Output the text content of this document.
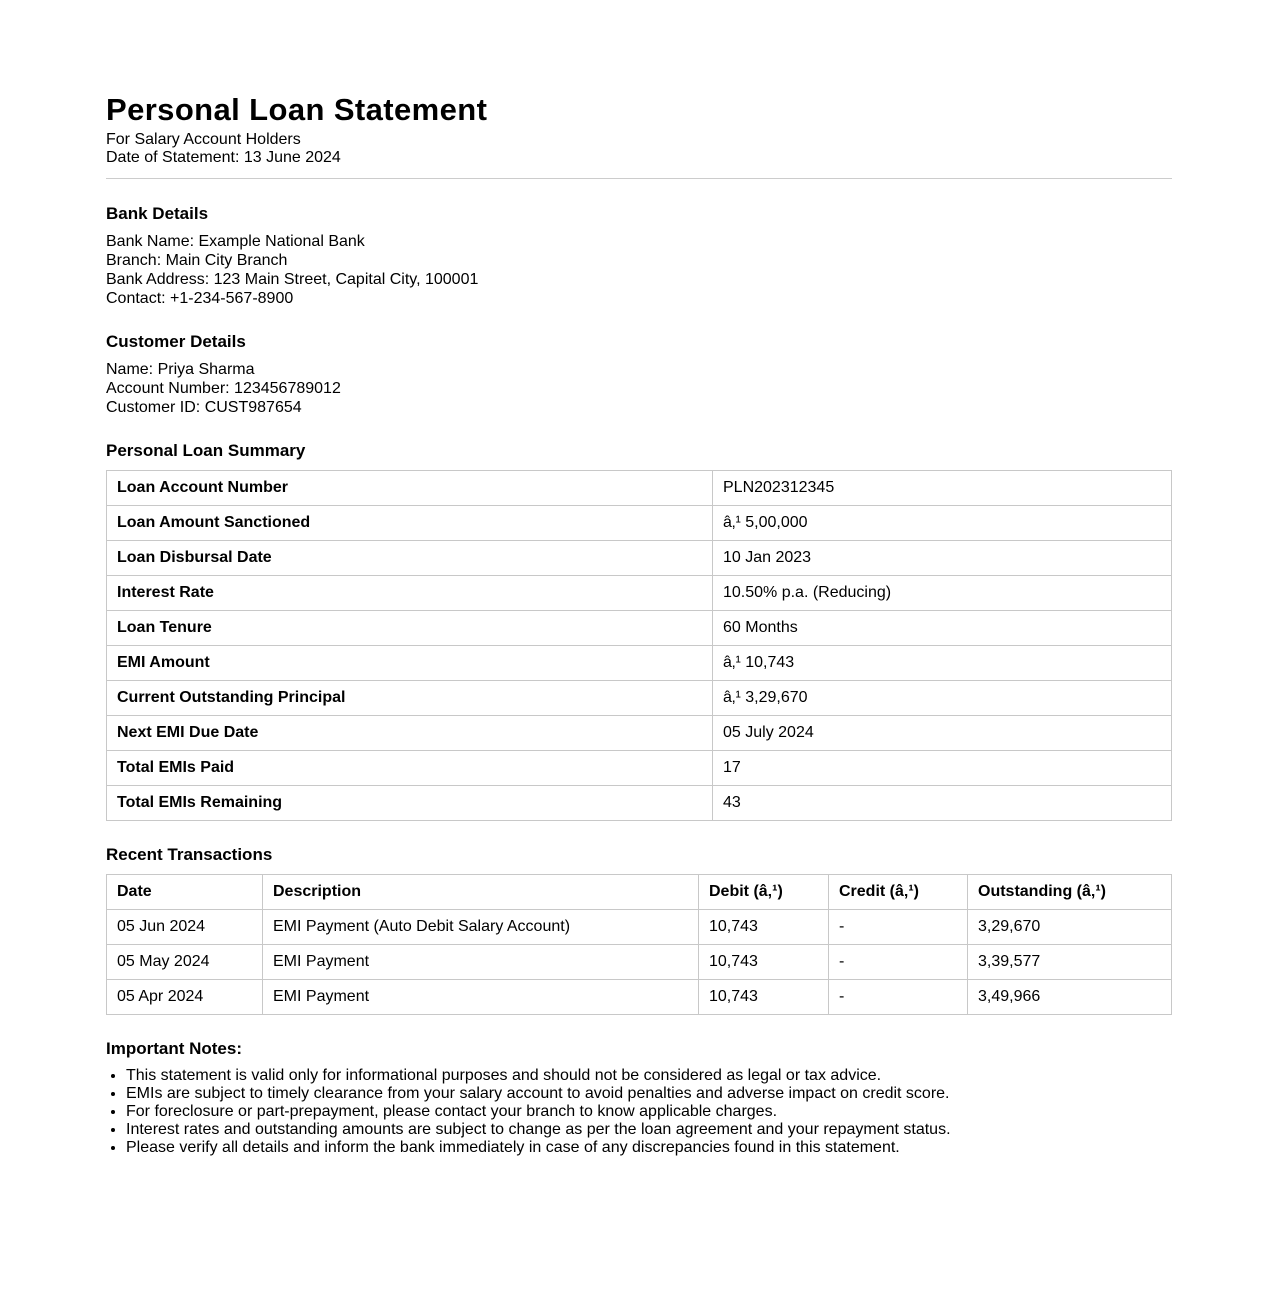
Personal Loan Statement
For Salary Account Holders
Date of Statement: 13 June 2024
Bank Details
Bank Name: Example National Bank
Branch: Main City Branch
Bank Address: 123 Main Street, Capital City, 100001
Contact: +1-234-567-8900
Customer Details
Name: Priya Sharma
Account Number: 123456789012
Customer ID: CUST987654
Personal Loan Summary
Loan Account Number	PLN202312345
Loan Amount Sanctioned	â‚¹ 5,00,000
Loan Disbursal Date	10 Jan 2023
Interest Rate	10.50% p.a. (Reducing)
Loan Tenure	60 Months
EMI Amount	â‚¹ 10,743
Current Outstanding Principal	â‚¹ 3,29,670
Next EMI Due Date	05 July 2024
Total EMIs Paid	17
Total EMIs Remaining	43
Recent Transactions
Date	Description	Debit (â‚¹)	Credit (â‚¹)	Outstanding (â‚¹)
05 Jun 2024	EMI Payment (Auto Debit Salary Account)	10,743	-	3,29,670
05 May 2024	EMI Payment	10,743	-	3,39,577
05 Apr 2024	EMI Payment	10,743	-	3,49,966
Important Notes:
• This statement is valid only for informational purposes and should not be considered as legal or tax advice.
• EMIs are subject to timely clearance from your salary account to avoid penalties and adverse impact on credit score.
• For foreclosure or part-prepayment, please contact your branch to know applicable charges.
• Interest rates and outstanding amounts are subject to change as per the loan agreement and your repayment status.
• Please verify all details and inform the bank immediately in case of any discrepancies found in this statement.
